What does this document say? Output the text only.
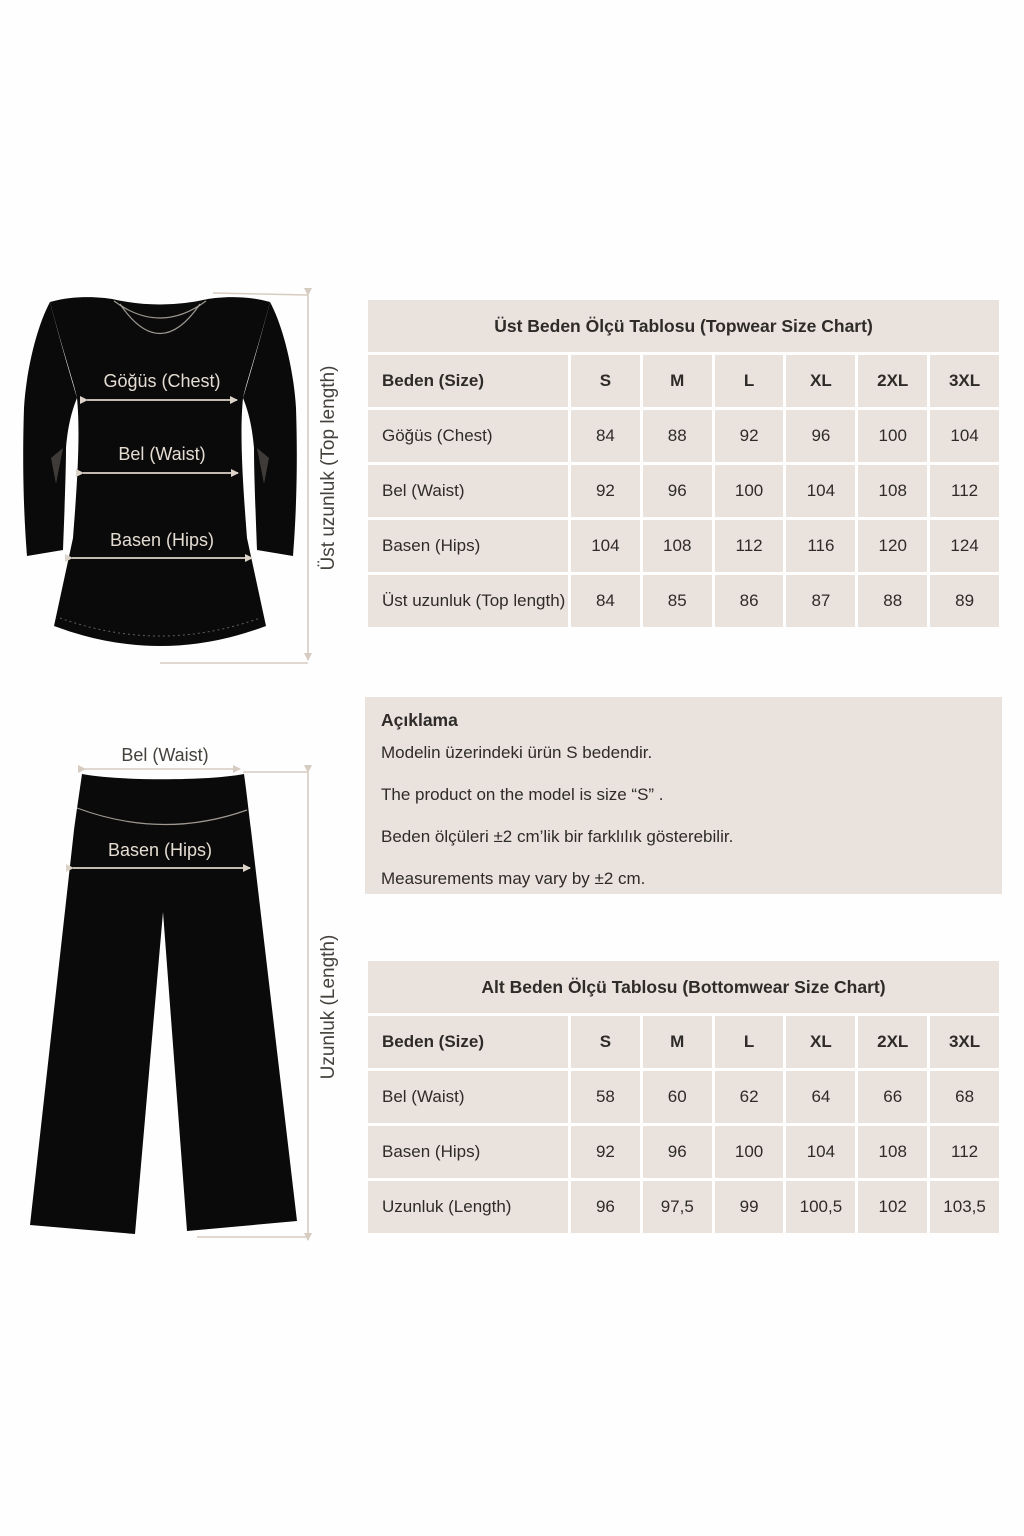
Göğüs (Chest)
Bel (Waist)
Basen (Hips)	Üst uzunluk (Top length)
Üst Beden Ölçü Tablosu (Topwear Size Chart)						
Beden (Size)	S	M	L	XL	2XL	3XL
Göğüs (Chest)	84	88	92	96	100	104
Bel (Waist)	92	96	100	104	108	112
Basen (Hips)	104	108	112	116	120	124
Üst uzunluk (Top length)	84	85	86	87	88	89

Açıklama

Modelin üzerindeki ürün S bedendir.

The product on the model is size “S” .

Beden ölçüleri ±2 cm’lik bir farklılık gösterebilir.

Measurements may vary by ±2 cm.

Bel (Waist)
Basen (Hips)
Uzunluk (Length)	Alt Beden Ölçü Tablosu (Bottomwear Size Chart)						
Beden (Size)	S	M	L	XL	2XL	3XL
Bel (Waist)	58	60	62	64	66	68
Basen (Hips)	92	96	100	104	108	112
Uzunluk (Length)	96	97,5	99	100,5	102	103,5
